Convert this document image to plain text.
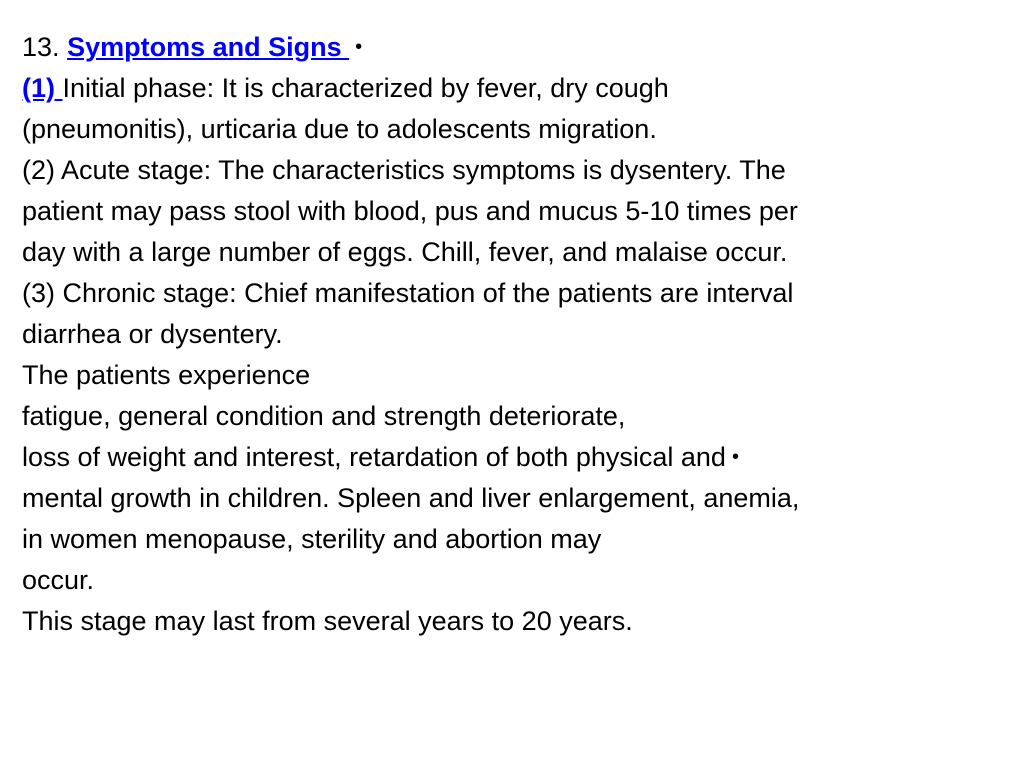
13. Symptoms and Signs •
(1) Initial phase: It is characterized by fever, dry cough
(pneumonitis), urticaria due to adolescents migration.
(2) Acute stage: The characteristics symptoms is dysentery. The
patient may pass stool with blood, pus and mucus 5-10 times per
day with a large number of eggs. Chill, fever, and malaise occur.
(3) Chronic stage: Chief manifestation of the patients are interval
diarrhea or dysentery.
The patients experience
fatigue, general condition and strength deteriorate,
loss of weight and interest, retardation of both physical and •
mental growth in children. Spleen and liver enlargement, anemia,
in women menopause, sterility and abortion may
occur.
This stage may last from several years to 20 years.
